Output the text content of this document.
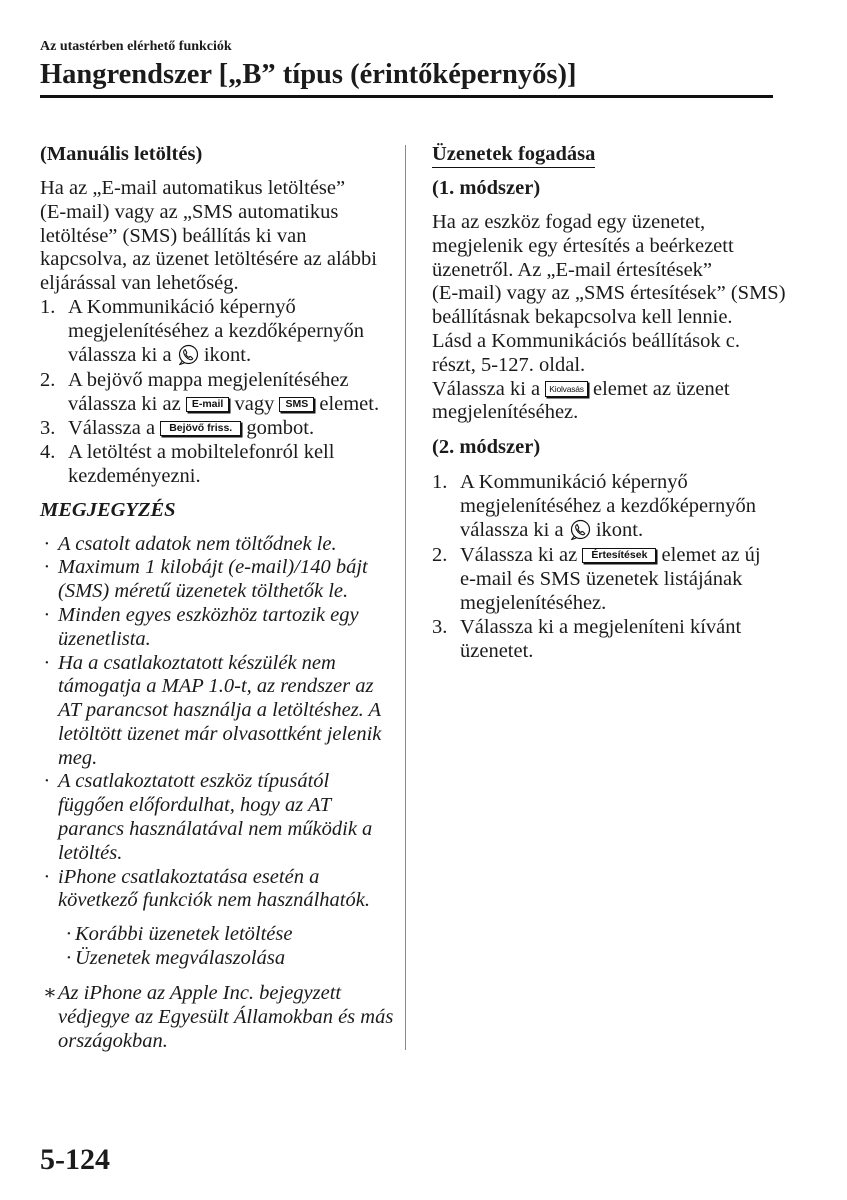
Az utastérben elérhető funkciók
Hangrendszer [„B” típus (érintőképernyős)]
(Manuális letöltés)
Ha az „E-mail automatikus letöltése”
(E-mail) vagy az „SMS automatikus
letöltése” (SMS) beállítás ki van
kapcsolva, az üzenet letöltésére az alábbi
eljárással van lehetőség.
1. A Kommunikáció képernyő
megjelenítéséhez a kezdőképernyőn
válassza ki a
ikont.
2. A bejövő mappa megjelenítéséhez
válassza ki az E-mail vagy SMS elemet.
3. Válassza a Bejövő friss. gombot.
4. A letöltést a mobiltelefonról kell
kezdeményezni.
MEGJEGYZÉS
· A csatolt adatok nem töltődnek le.
· Maximum 1 kilobájt (e-mail)/140 bájt
(SMS) méretű üzenetek tölthetők le.
· Minden egyes eszközhöz tartozik egy
üzenetlista.
· Ha a csatlakoztatott készülék nem
támogatja a MAP 1.0-t, az rendszer az
AT parancsot használja a letöltéshez. A
letöltött üzenet már olvasottként jelenik
meg.
· A csatlakoztatott eszköz típusától
függően előfordulhat, hogy az AT
parancs használatával nem működik a
letöltés.
· iPhone csatlakoztatása esetén a
következő funkciók nem használhatók.
· Korábbi üzenetek letöltése
· Üzenetek megválaszolása
∗ Az iPhone az Apple Inc. bejegyzett
védjegye az Egyesült Államokban és más
országokban.
Üzenetek fogadása
(1. módszer)
Ha az eszköz fogad egy üzenetet,
megjelenik egy értesítés a beérkezett
üzenetről. Az „E-mail értesítések”
(E-mail) vagy az „SMS értesítések” (SMS)
beállításnak bekapcsolva kell lennie.
Lásd a Kommunikációs beállítások c.
részt, 5-127. oldal.
Válassza ki a Kiolvasás elemet az üzenet
megjelenítéséhez.
(2. módszer)
1. A Kommunikáció képernyő
megjelenítéséhez a kezdőképernyőn
válassza ki a
ikont.
2. Válassza ki az Értesítések elemet az új
e-mail és SMS üzenetek listájának
megjelenítéséhez.
3. Válassza ki a megjeleníteni kívánt
üzenetet.
5-124
